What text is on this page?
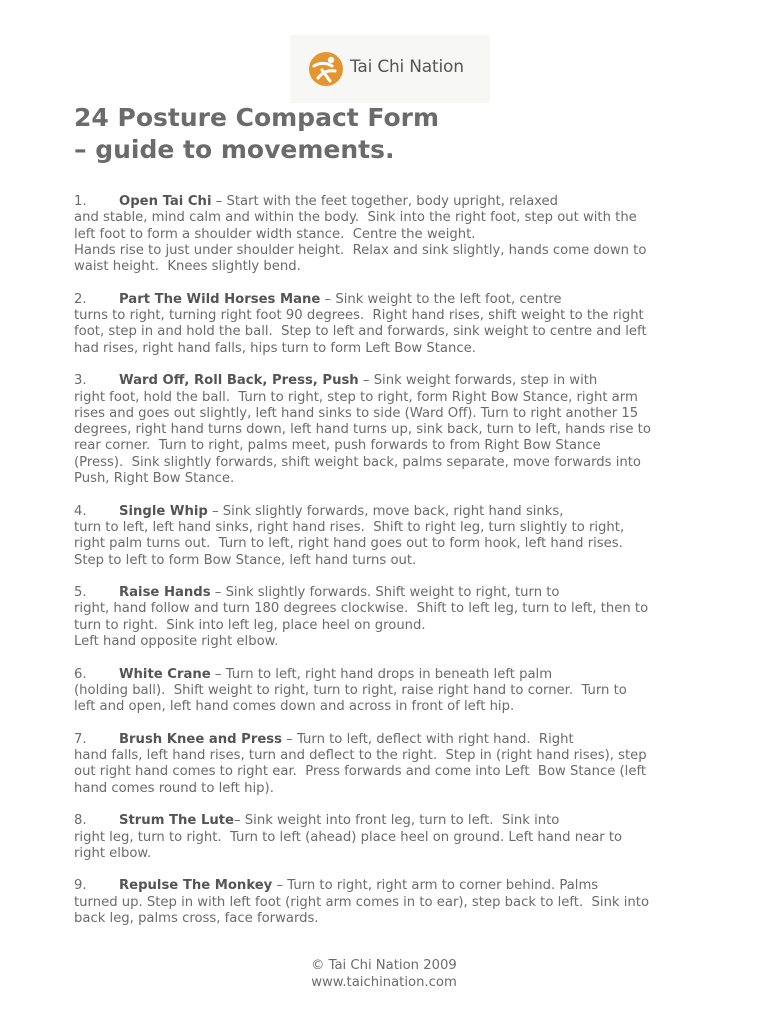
Tai Chi Nation
24 Posture Compact Form
– guide to movements.
1. Open Tai Chi – Start with the feet together, body upright, relaxed
and stable, mind calm and within the body.  Sink into the right foot, step out with the
left foot to form a shoulder width stance.  Centre the weight.
Hands rise to just under shoulder height.  Relax and sink slightly, hands come down to
waist height.  Knees slightly bend.
2. Part The Wild Horses Mane – Sink weight to the left foot, centre
turns to right, turning right foot 90 degrees.  Right hand rises, shift weight to the right
foot, step in and hold the ball.  Step to left and forwards, sink weight to centre and left
had rises, right hand falls, hips turn to form Left Bow Stance.
3. Ward Off, Roll Back, Press, Push – Sink weight forwards, step in with
right foot, hold the ball.  Turn to right, step to right, form Right Bow Stance, right arm
rises and goes out slightly, left hand sinks to side (Ward Off). Turn to right another 15
degrees, right hand turns down, left hand turns up, sink back, turn to left, hands rise to
rear corner.  Turn to right, palms meet, push forwards to from Right Bow Stance
(Press).  Sink slightly forwards, shift weight back, palms separate, move forwards into
Push, Right Bow Stance.
4. Single Whip – Sink slightly forwards, move back, right hand sinks,
turn to left, left hand sinks, right hand rises.  Shift to right leg, turn slightly to right,
right palm turns out.  Turn to left, right hand goes out to form hook, left hand rises.
Step to left to form Bow Stance, left hand turns out.
5. Raise Hands – Sink slightly forwards. Shift weight to right, turn to
right, hand follow and turn 180 degrees clockwise.  Shift to left leg, turn to left, then to
turn to right.  Sink into left leg, place heel on ground.
Left hand opposite right elbow.
6. White Crane – Turn to left, right hand drops in beneath left palm
(holding ball).  Shift weight to right, turn to right, raise right hand to corner.  Turn to
left and open, left hand comes down and across in front of left hip.
7. Brush Knee and Press – Turn to left, deflect with right hand.  Right
hand falls, left hand rises, turn and deflect to the right.  Step in (right hand rises), step
out right hand comes to right ear.  Press forwards and come into Left  Bow Stance (left
hand comes round to left hip).
8. Strum The Lute– Sink weight into front leg, turn to left.  Sink into
right leg, turn to right.  Turn to left (ahead) place heel on ground. Left hand near to
right elbow.
9. Repulse The Monkey – Turn to right, right arm to corner behind. Palms
turned up. Step in with left foot (right arm comes in to ear), step back to left.  Sink into
back leg, palms cross, face forwards.
© Tai Chi Nation 2009
www.taichination.com
